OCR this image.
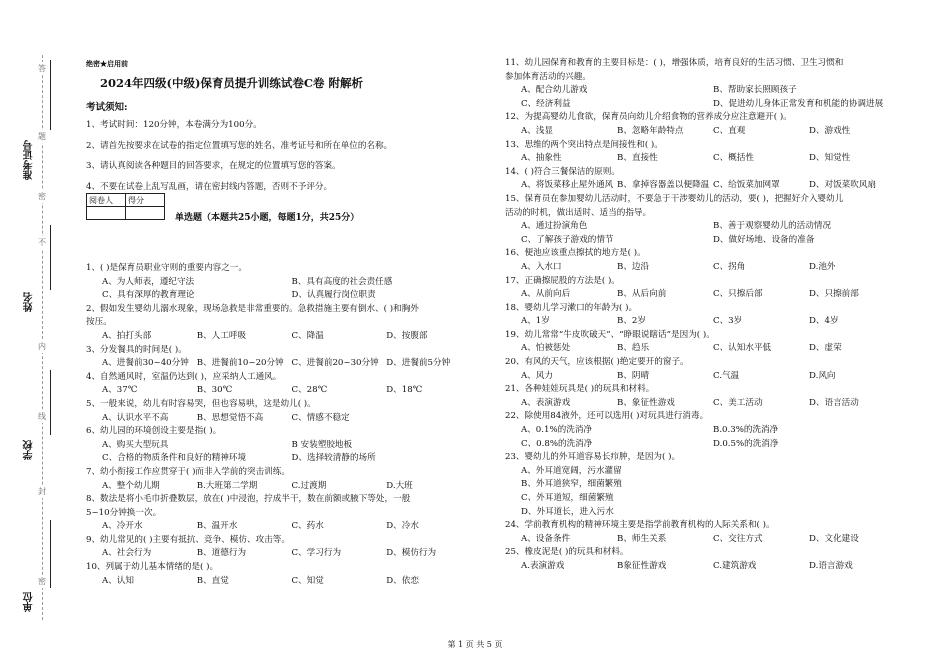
准考证号
姓名
学校
单位
答
题
密
不
内
线
封
密
绝密★启用前
2024年四级(中级)保育员提升训练试卷C卷 附解析
考试须知:
1、考试时间：120分钟，本卷满分为100分。
2、请首先按要求在试卷的指定位置填写您的姓名、准考证号和所在单位的名称。
3、请认真阅读各种题目的回答要求，在规定的位置填写您的答案。
4、不要在试卷上乱写乱画，请在密封线内答题，否则不予评分。
阅卷人	得分

单选题（本题共25小题，每题1分，共25分）
1、( )是保育员职业守则的重要内容之一。
A、为人师表，遵纪守法	B、具有高度的社会责任感
C、具有深厚的教育理论	D、认真履行岗位职责
2、假如发生婴幼儿溺水现象，现场急救是非常重要的。急救措施主要有倒水、( )和胸外
按压。
A、拍打头部	B、人工呼吸	C、降温	D、按腹部
3、分发餐具的时间是( )。
A、进餐前30~40分钟 B、进餐前10~20分钟 C、进餐前20~30分钟 D、进餐前5分钟
4、自然通风时，室温仍达到( )，应采纳人工通风。
A、37℃	B、30℃	C、28℃	D、18℃
5、一般来说，幼儿有时容易哭，但也容易哄，这是幼儿( )。
A、认识水平不高	B、思想觉悟不高	C、情感不稳定
6、幼儿园的环境创设主要是指( )。
A、购买大型玩具	B 安装塑胶地板
C、合格的物质条件和良好的精神环境	D、选择较清静的场所
7、幼小衔接工作应贯穿于( )而非入学前的突击训练。
A、整个幼儿期	B.大班第二学期	C.过渡期	D.大班
8、数法是将小毛巾折叠数层，放在( )中浸泡，拧成半干，数在前额或腋下等处，一般
5~10分钟换一次。
A、冷开水	B、温开水	C、药水	D、冷水
9、幼儿常见的( )主要有抵抗、竞争、模仿、攻击等。
A、社会行为	B、道德行为	C、学习行为	D、模仿行为
10、列属于幼儿基本情绪的是( )。
A、认知	B、直觉	C、知觉	D、依恋
11、幼儿园保育和教育的主要目标是：( )，增强体质，培育良好的生活习惯、卫生习惯和
参加体育活动的兴趣。
A、配合幼儿游戏	B、帮助家长照顾孩子
C、经济利益	D、促进幼儿身体正常发育和机能的协调进展
12、为提高婴幼儿食欲，保育员向幼儿介绍食物的营养成分应注意避开( )。
A、浅显	B、忽略年龄特点	C、直观	D、游戏性
13、思维的两个突出特点是间接性和( )。
A、抽象性	B、直接性	C、概括性	D、知觉性
14、( )符合三餐保洁的原则。
A、将饭菜移止屋外通风 B、拿掉容器盖以便降温 C、给饭菜加网罩	D、对饭菜吹风扇
15、保育员在参加婴幼儿活动时，不要急于干涉婴幼儿的活动，要( )，把握好介入婴幼儿
活动的时机，做出适时、适当的指导。
A、通过扮演角色	B、善于观察婴幼儿的活动情况
C、了解孩子游戏的情节	D、做好场地、设备的准备
16、便池应该重点擦拭的地方是( )。
A、入水口	B、边沿	C、拐角	D.池外
17、正确擦屁股的方法是( )。
A、从前向后	B、从后向前	C、只擦后部	D、只擦前部
18、婴幼儿学习漱口的年龄为( )。
A、1岁	B、2岁	C、3岁	D、4岁
19、幼儿常常“牛皮吹破天”、“睁眼说瞎话”是因为( )。
A、怕被惩处	B、趋乐	C、认知水平低	D、虚荣
20、有风的天气，应该根据( )绝定要开的窗子。
A、风力	B、阴晴	C.气温	D.风向
21、各种娃娃玩具是( )的玩具和材料。
A、表演游戏	B、象征性游戏	C、美工活动	D、语言活动
22、除使用84液外，还可以选用( )对玩具进行消毒。
A、0.1%的洗消净	B.0.3%的洗消净
C、0.8%的洗消净	D.0.5%的洗消净
23、婴幼儿的外耳道容易长疖肿，是因为( )。
A、外耳道宽阔，污水灌留
B、外耳道狭窄，细菌繁殖
C、外耳道短，细菌繁殖
D、外耳道长，进入污水
24、学前教育机构的精神环境主要是指学前教育机构的人际关系和( )。
A、设备条件	B、师生关系	C、交往方式	D、文化建设
25、橡皮泥是( )的玩具和材料。
A.表演游戏	B象征性游戏	C.建筑游戏	D.语言游戏
第 1 页 共 5 页
